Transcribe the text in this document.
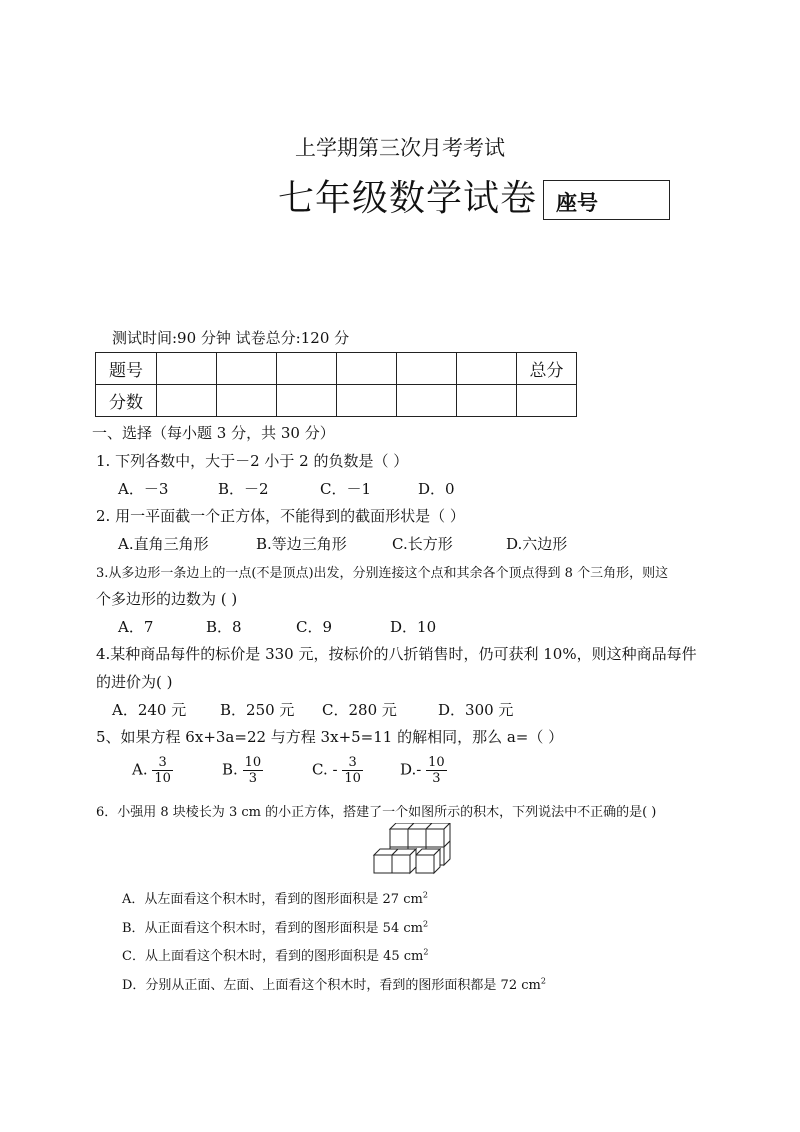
上学期第三次月考考试
七年级数学试卷 座号
测试时间:90 分钟 试卷总分:120 分
题号							总分
分数							
一、选择（每小题 3 分，共 30 分）
1. 下列各数中，大于－2 小于 2 的负数是（ ）
A．－3	B．－2	C．－1	D．0
2. 用一平面截一个正方体，不能得到的截面形状是（ ）
A.直角三角形	B.等边三角形	C.长方形	D.六边形
3.从多边形一条边上的一点(不是顶点)出发，分别连接这个点和其余各个顶点得到 8 个三角形，则这
个多边形的边数为 ( )
A．7	B．8	C．9	D．10
4.某种商品每件的标价是 330 元，按标价的八折销售时，仍可获利 10%，则这种商品每件
的进价为( )
A．240 元 B．250 元 C．280 元	D．300 元
5、如果方程 6x+3a=22 与方程 3x+5=11 的解相同，那么 a=（ ）
A. $\frac{3}{10}$	B. $\frac{10}{3}$	C. - $\frac{3}{10} D.- \frac{10}{3}$
6．小强用 8 块棱长为 3 cm 的小正方体，搭建了一个如图所示的积木，下列说法中不正确的是( )
A．从左面看这个积木时，看到的图形面积是 27 $cm^2$
B．从正面看这个积木时，看到的图形面积是 54 $cm^2$
C．从上面看这个积木时，看到的图形面积是 45 $cm^2$
D．分别从正面、左面、上面看这个积木时，看到的图形面积都是 72 $cm^2$
